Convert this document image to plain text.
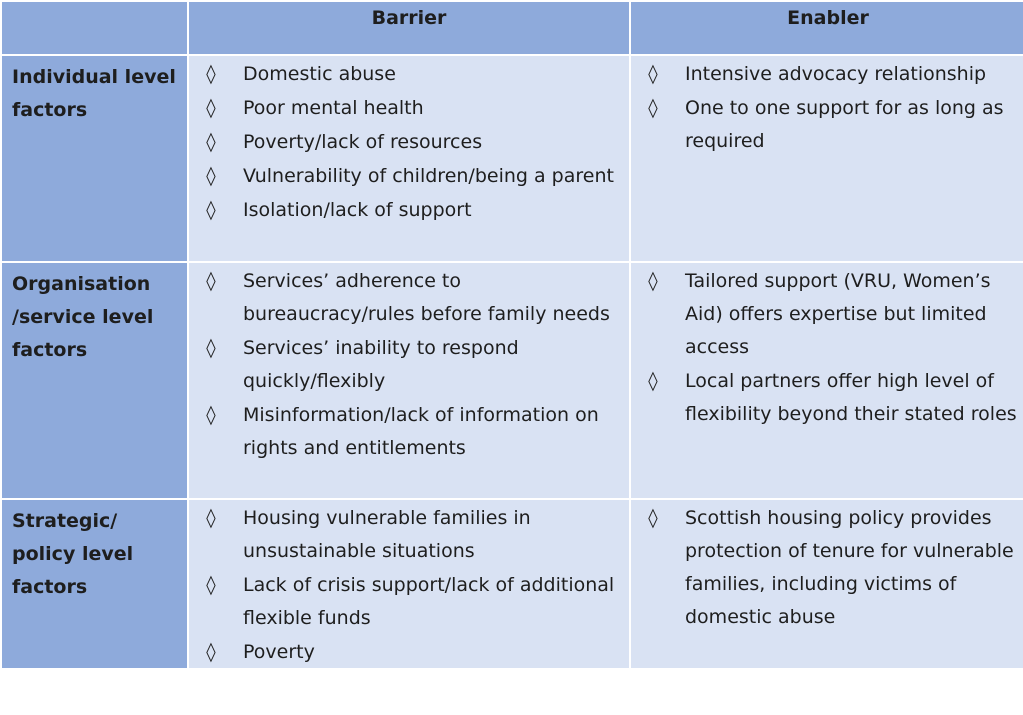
Barrier	Enabler
Individual level factors
◊ Domestic abuse
◊ Poor mental health
◊ Poverty/lack of resources
◊ Vulnerability of children/being a parent
◊ Isolation/lack of support
◊ Intensive advocacy relationship
◊ One to one support for as long as required
Organisation /service level factors
◊ Services’ adherence to bureaucracy/rules before family needs
◊ Services’ inability to respond quickly/flexibly
◊ Misinformation/lack of information on rights and entitlements
◊ Tailored support (VRU, Women’s Aid) offers expertise but limited access
◊ Local partners offer high level of flexibility beyond their stated roles
Strategic/ policy level factors
◊ Housing vulnerable families in unsustainable situations
◊ Lack of crisis support/lack of additional flexible funds
◊ Poverty
◊ Scottish housing policy provides protection of tenure for vulnerable families, including victims of domestic abuse
